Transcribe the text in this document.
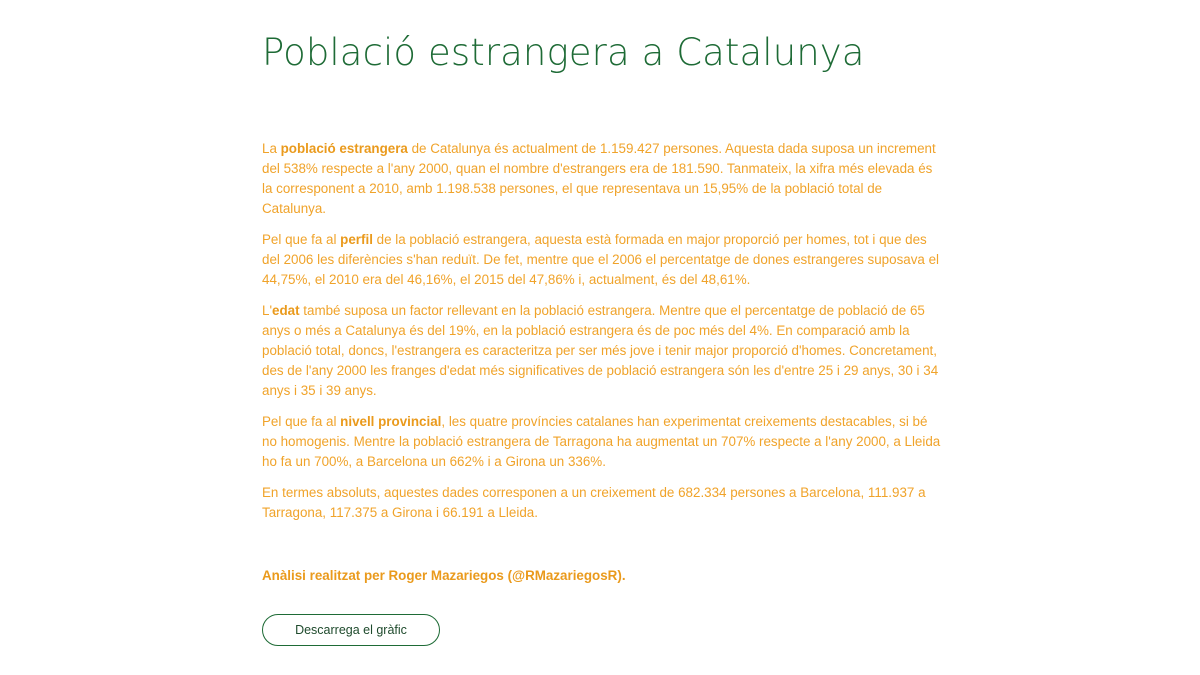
Població estrangera a Catalunya

La població estrangera de Catalunya és actualment de 1.159.427 persones. Aquesta dada suposa un increment del 538% respecte a l'any 2000, quan el nombre d'estrangers era de 181.590. Tanmateix, la xifra més elevada és la corresponent a 2010, amb 1.198.538 persones, el que representava un 15,95% de la població total de Catalunya.

Pel que fa al perfil de la població estrangera, aquesta està formada en major proporció per homes, tot i que des del 2006 les diferències s'han reduït. De fet, mentre que el 2006 el percentatge de dones estrangeres suposava el 44,75%, el 2010 era del 46,16%, el 2015 del 47,86% i, actualment, és del 48,61%.

L'edat també suposa un factor rellevant en la població estrangera. Mentre que el percentatge de població de 65 anys o més a Catalunya és del 19%, en la població estrangera és de poc més del 4%. En comparació amb la població total, doncs, l'estrangera es caracteritza per ser més jove i tenir major proporció d'homes. Concretament, des de l'any 2000 les franges d'edat més significatives de població estrangera són les d'entre 25 i 29 anys, 30 i 34 anys i 35 i 39 anys.

Pel que fa al nivell provincial, les quatre províncies catalanes han experimentat creixements destacables, si bé no homogenis. Mentre la població estrangera de Tarragona ha augmentat un 707% respecte a l'any 2000, a Lleida ho fa un 700%, a Barcelona un 662% i a Girona un 336%.

En termes absoluts, aquestes dades corresponen a un creixement de 682.334 persones a Barcelona, 111.937 a Tarragona, 117.375 a Girona i 66.191 a Lleida.

Anàlisi realitzat per Roger Mazariegos (@RMazariegosR).

Descarrega el gràfic
